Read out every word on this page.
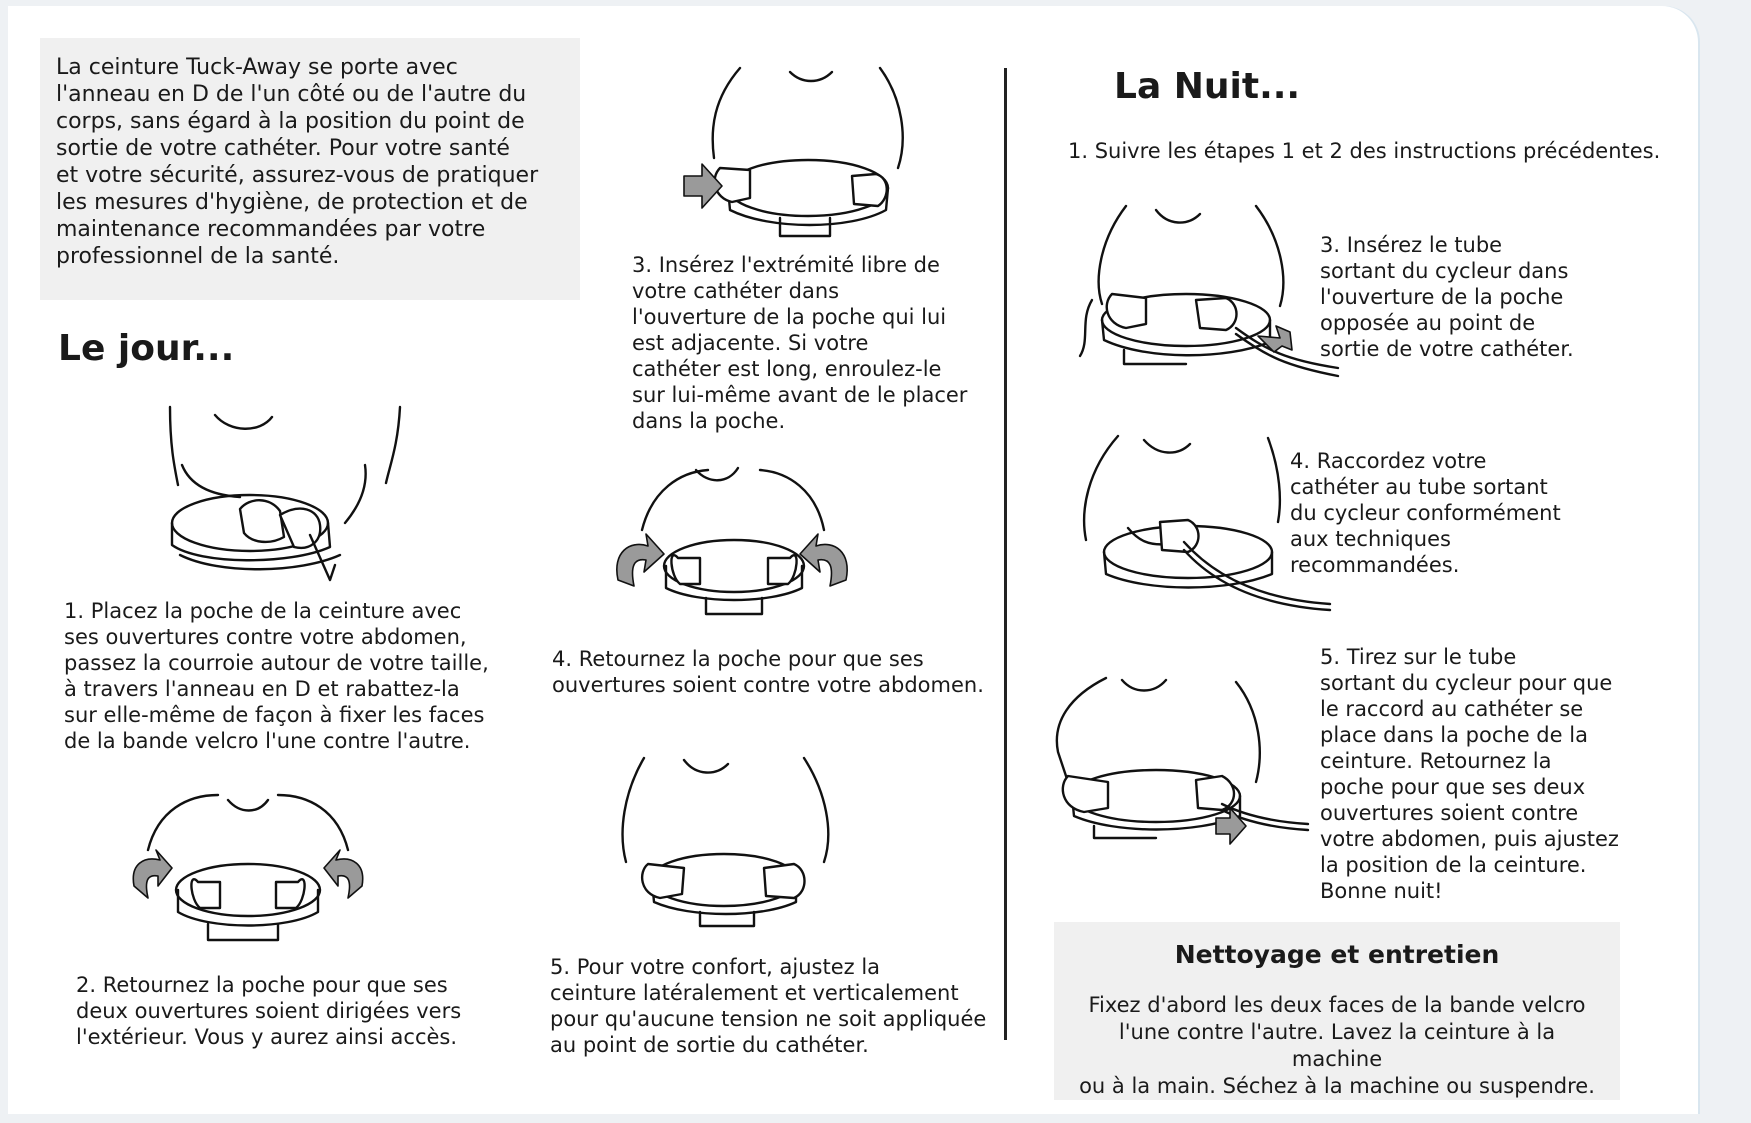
La ceinture Tuck-Away se porte avec
l'anneau en D de l'un côté ou de l'autre du
corps, sans égard à la position du point de
sortie de votre cathéter. Pour votre santé
et votre sécurité, assurez-vous de pratiquer
les mesures d'hygiène, de protection et de
maintenance recommandées par votre
professionnel de la santé.
Le jour...
1. Placez la poche de la ceinture avec
ses ouvertures contre votre abdomen,
passez la courroie autour de votre taille,
à travers l'anneau en D et rabattez-la
sur elle-même de façon à fixer les faces
de la bande velcro l'une contre l'autre.
2. Retournez la poche pour que ses
deux ouvertures soient dirigées vers
l'extérieur. Vous y aurez ainsi accès.
3. Insérez l'extrémité libre de
votre cathéter dans
l'ouverture de la poche qui lui
est adjacente. Si votre
cathéter est long, enroulez-le
sur lui-même avant de le placer
dans la poche.
4. Retournez la poche pour que ses
ouvertures soient contre votre abdomen.
5. Pour votre confort, ajustez la
ceinture latéralement et verticalement
pour qu'aucune tension ne soit appliquée
au point de sortie du cathéter.
La Nuit...
1. Suivre les étapes 1 et 2 des instructions précédentes.
3. Insérez le tube
sortant du cycleur dans
l'ouverture de la poche
opposée au point de
sortie de votre cathéter.
4. Raccordez votre
cathéter au tube sortant
du cycleur conformément
aux techniques
recommandées.
5. Tirez sur le tube
sortant du cycleur pour que
le raccord au cathéter se
place dans la poche de la
ceinture. Retournez la
poche pour que ses deux
ouvertures soient contre
votre abdomen, puis ajustez
la position de la ceinture.
Bonne nuit!
Nettoyage et entretien
Fixez d'abord les deux faces de la bande velcro
l'une contre l'autre. Lavez la ceinture à la machine
ou à la main. Séchez à la machine ou suspendre.
